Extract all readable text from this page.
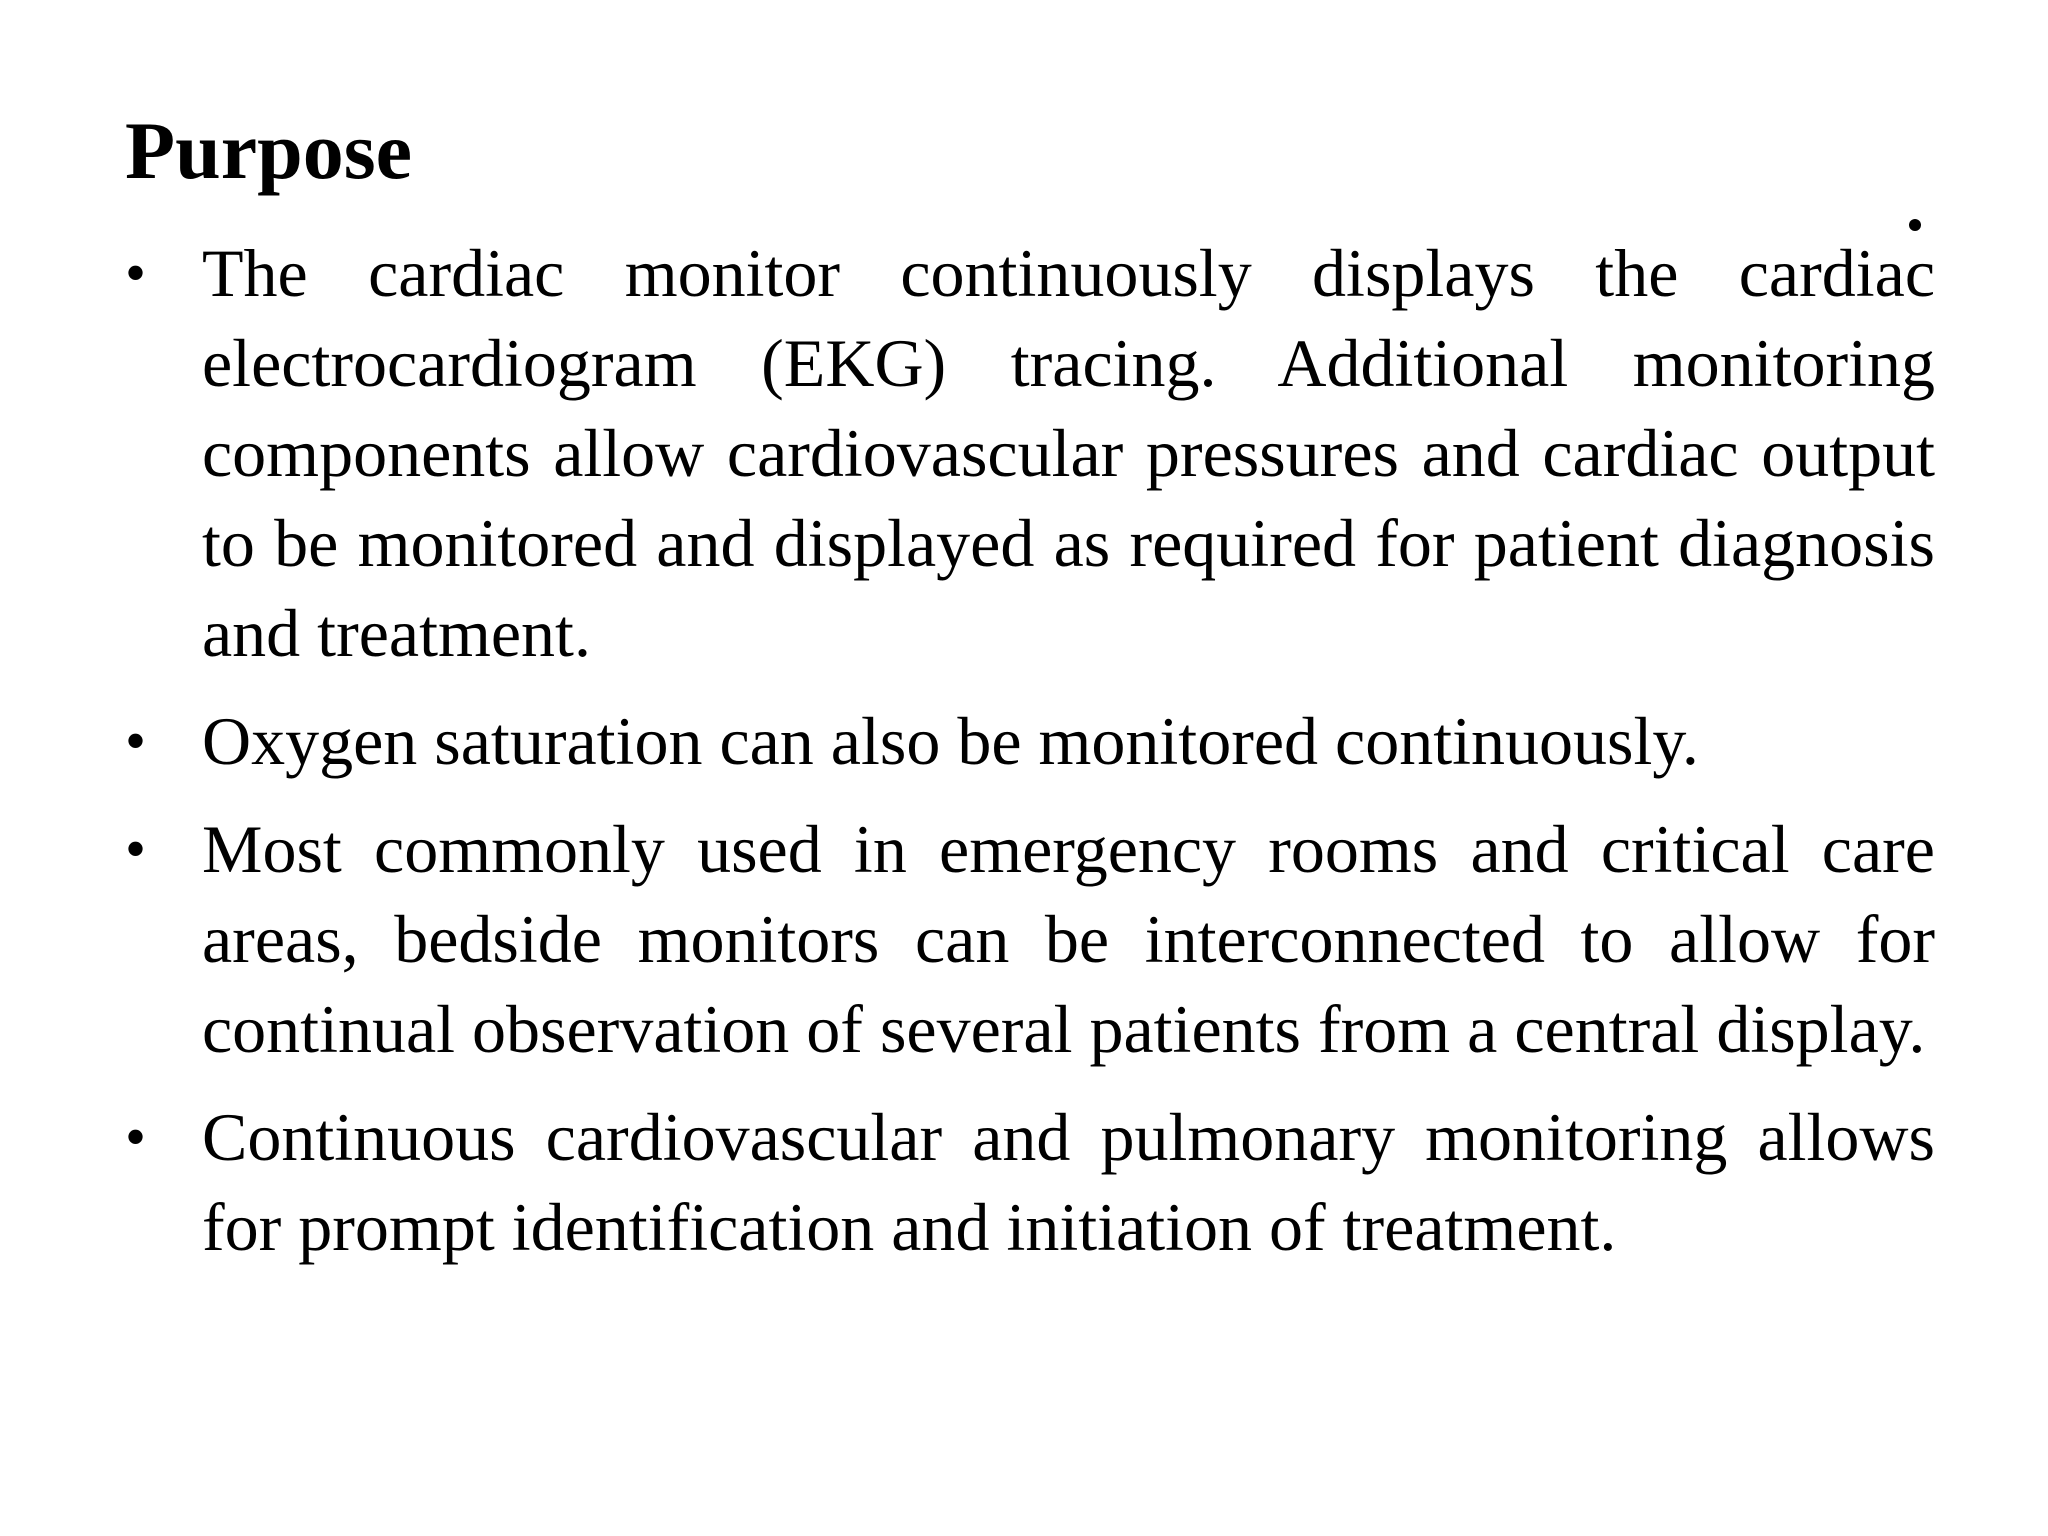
Purpose
• The cardiac monitor continuously displays the cardiac electrocardiogram (EKG) tracing. Additional monitoring components allow cardiovascular pressures and cardiac output to be monitored and displayed as required for patient diagnosis and treatment.
• Oxygen saturation can also be monitored continuously.
• Most commonly used in emergency rooms and critical care areas, bedside monitors can be interconnected to allow for continual observation of several patients from a central display.
• Continuous cardiovascular and pulmonary monitoring allows for prompt identification and initiation of treatment.
